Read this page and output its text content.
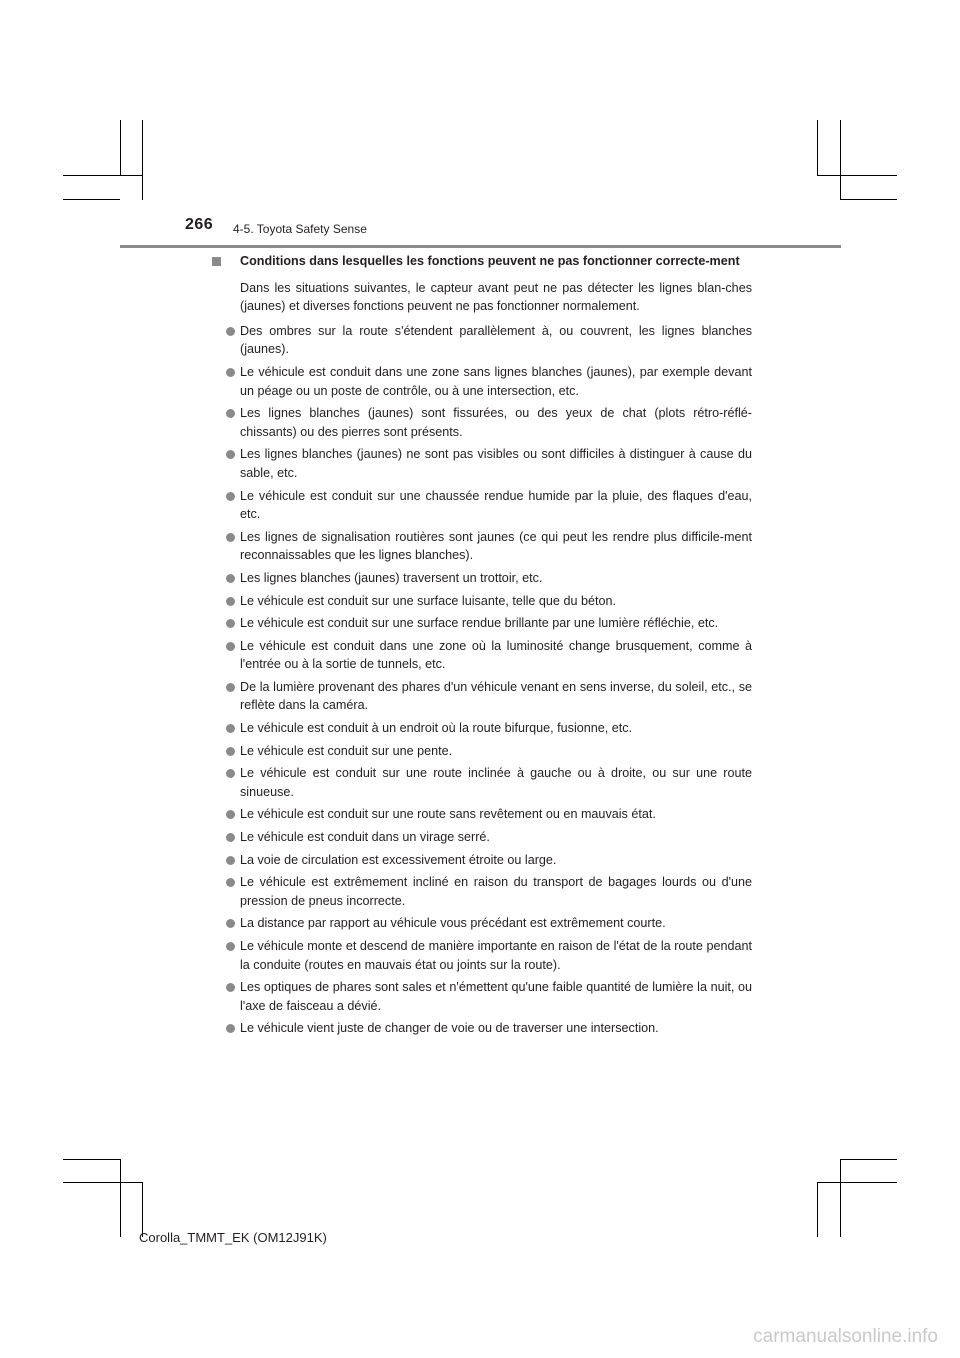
266 4-5. Toyota Safety Sense
Conditions dans lesquelles les fonctions peuvent ne pas fonctionner correcte-ment
Dans les situations suivantes, le capteur avant peut ne pas détecter les lignes blan-ches (jaunes) et diverses fonctions peuvent ne pas fonctionner normalement.
Des ombres sur la route s'étendent parallèlement à, ou couvrent, les lignes blanches (jaunes).
Le véhicule est conduit dans une zone sans lignes blanches (jaunes), par exemple devant un péage ou un poste de contrôle, ou à une intersection, etc.
Les lignes blanches (jaunes) sont fissurées, ou des yeux de chat (plots rétro-réflé-chissants) ou des pierres sont présents.
Les lignes blanches (jaunes) ne sont pas visibles ou sont difficiles à distinguer à cause du sable, etc.
Le véhicule est conduit sur une chaussée rendue humide par la pluie, des flaques d'eau, etc.
Les lignes de signalisation routières sont jaunes (ce qui peut les rendre plus difficile-ment reconnaissables que les lignes blanches).
Les lignes blanches (jaunes) traversent un trottoir, etc.
Le véhicule est conduit sur une surface luisante, telle que du béton.
Le véhicule est conduit sur une surface rendue brillante par une lumière réfléchie, etc.
Le véhicule est conduit dans une zone où la luminosité change brusquement, comme à l'entrée ou à la sortie de tunnels, etc.
De la lumière provenant des phares d'un véhicule venant en sens inverse, du soleil, etc., se reflète dans la caméra.
Le véhicule est conduit à un endroit où la route bifurque, fusionne, etc.
Le véhicule est conduit sur une pente.
Le véhicule est conduit sur une route inclinée à gauche ou à droite, ou sur une route sinueuse.
Le véhicule est conduit sur une route sans revêtement ou en mauvais état.
Le véhicule est conduit dans un virage serré.
La voie de circulation est excessivement étroite ou large.
Le véhicule est extrêmement incliné en raison du transport de bagages lourds ou d'une pression de pneus incorrecte.
La distance par rapport au véhicule vous précédant est extrêmement courte.
Le véhicule monte et descend de manière importante en raison de l'état de la route pendant la conduite (routes en mauvais état ou joints sur la route).
Les optiques de phares sont sales et n'émettent qu'une faible quantité de lumière la nuit, ou l'axe de faisceau a dévié.
Le véhicule vient juste de changer de voie ou de traverser une intersection.
Corolla_TMMT_EK (OM12J91K)
carmanualsonline.info
